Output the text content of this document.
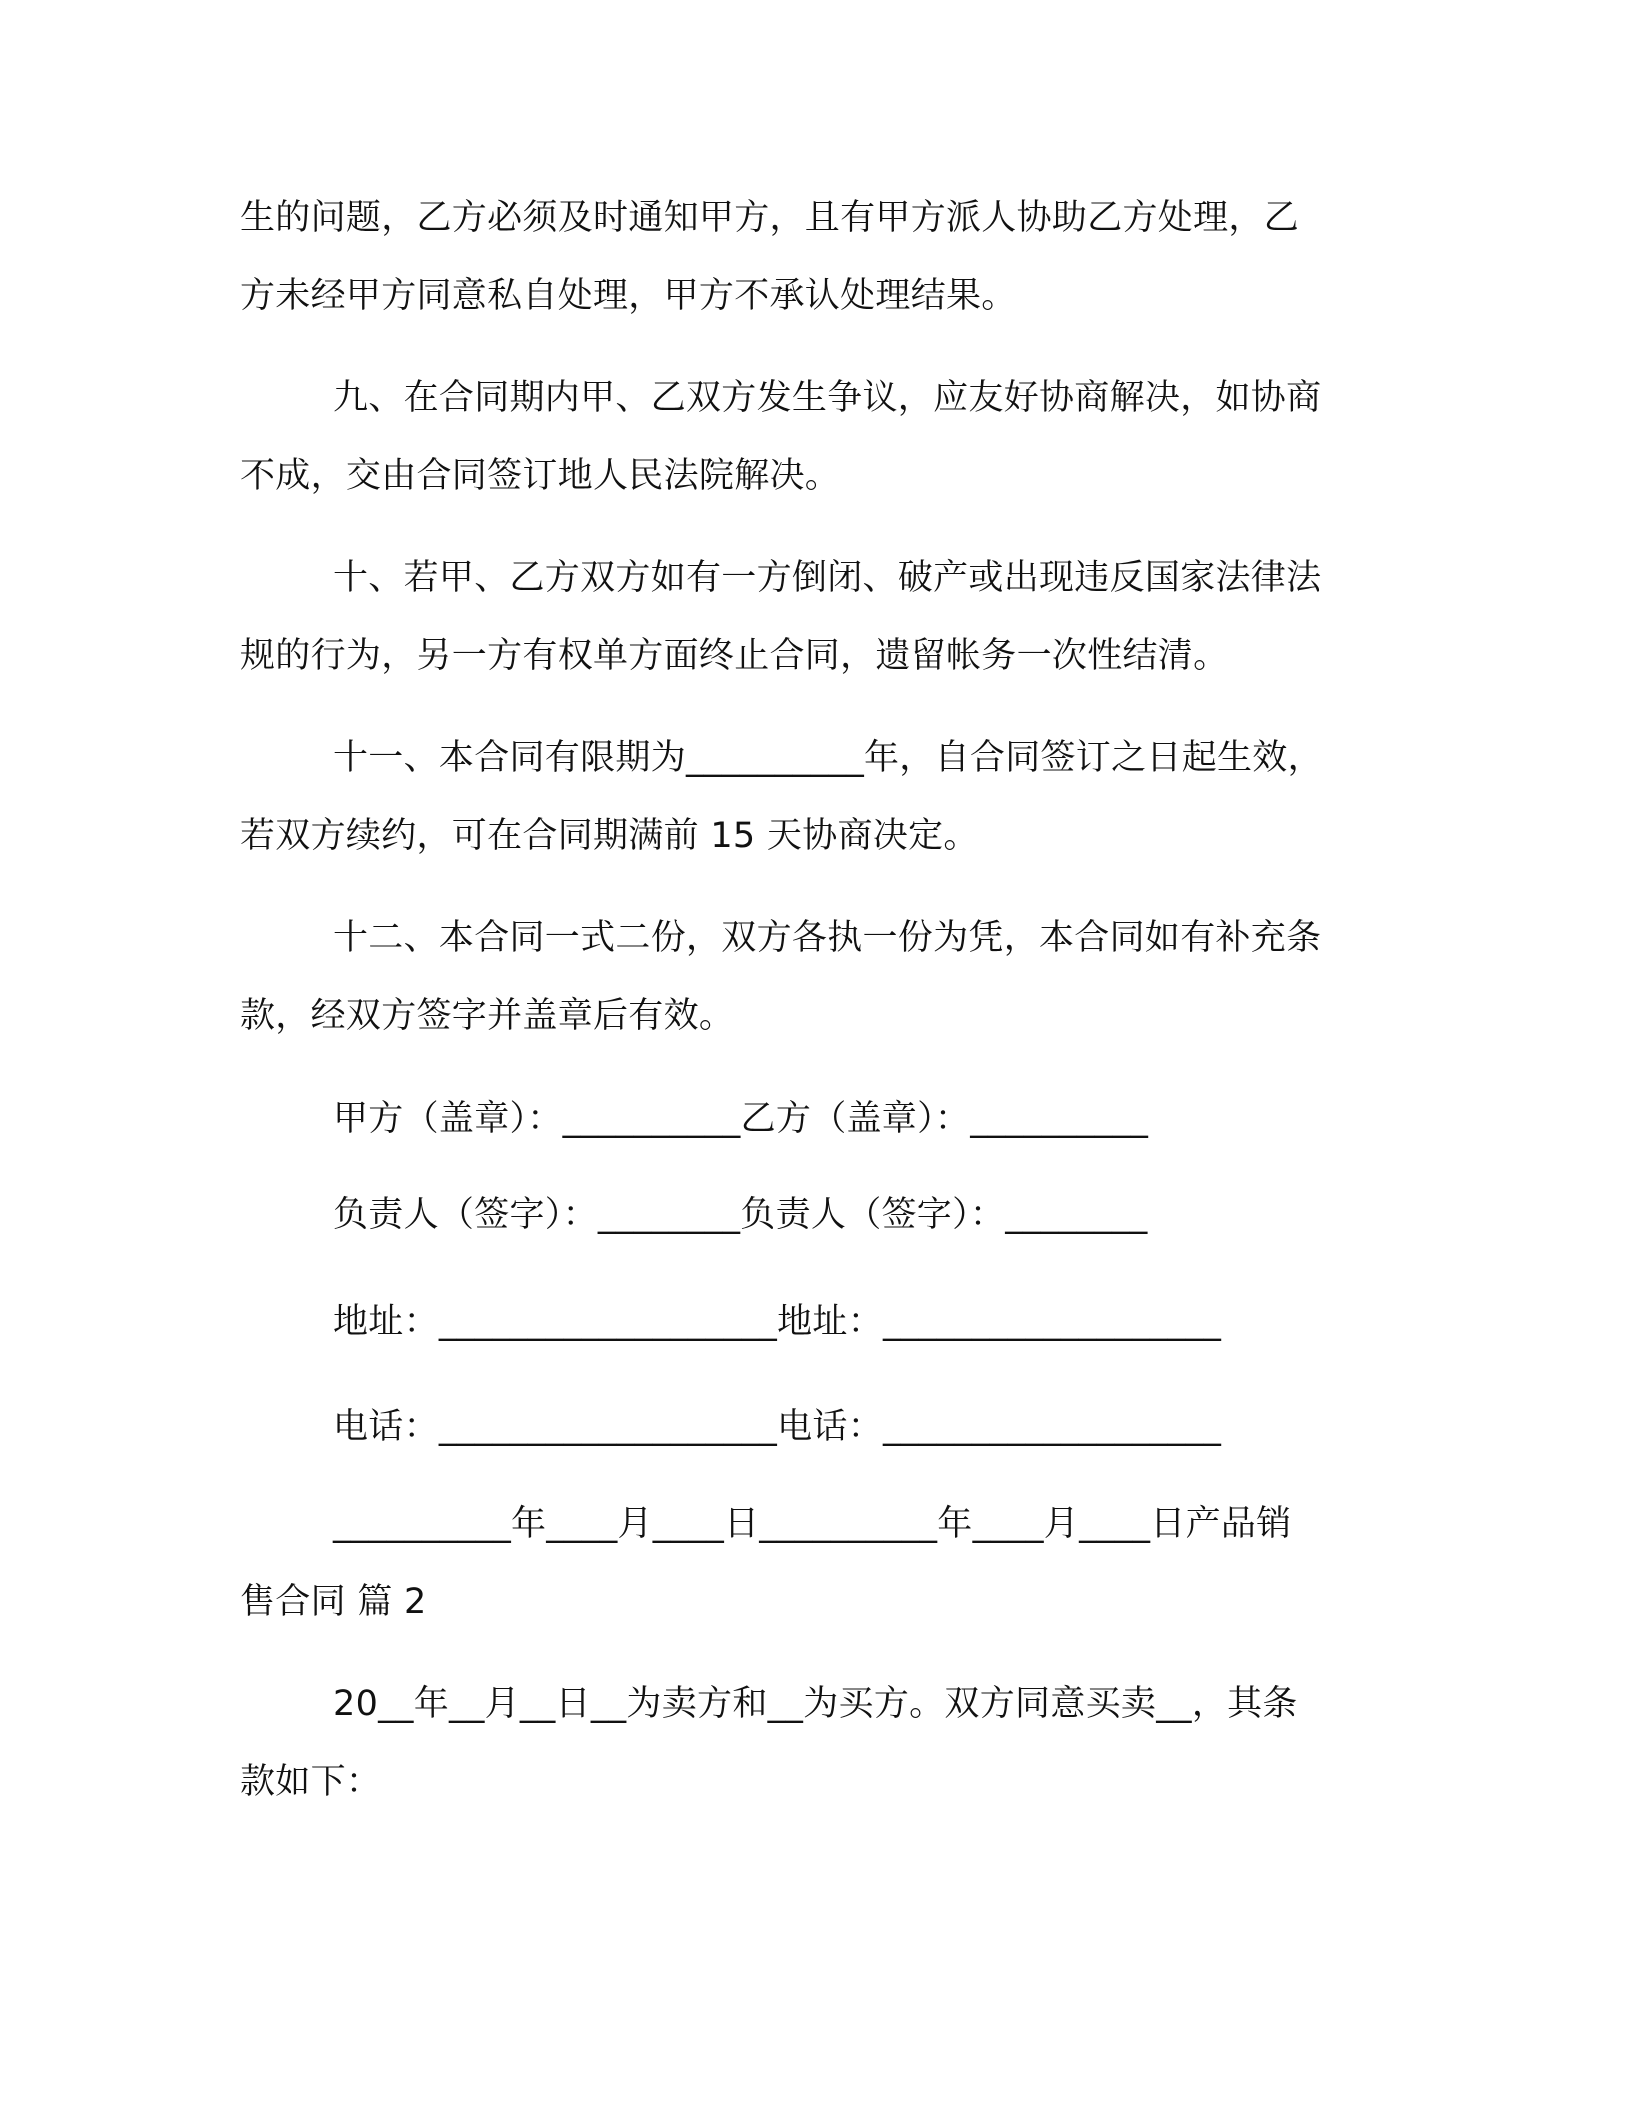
生的问题，乙方必须及时通知甲方，且有甲方派人协助乙方处理，乙
方未经甲方同意私自处理，甲方不承认处理结果。
九、在合同期内甲、乙双方发生争议，应友好协商解决，如协商
不成，交由合同签订地人民法院解决。
十、若甲、乙方双方如有一方倒闭、破产或出现违反国家法律法
规的行为，另一方有权单方面终止合同，遗留帐务一次性结清。
十一、本合同有限期为__________年，自合同签订之日起生效，
若双方续约，可在合同期满前 15 天协商决定。
十二、本合同一式二份，双方各执一份为凭，本合同如有补充条
款，经双方签字并盖章后有效。
甲方（盖章）：__________乙方（盖章）：__________
负责人（签字）：________负责人（签字）：________
地址：___________________地址：___________________
电话：___________________电话：___________________
__________年____月____日__________年____月____日产品销
售合同 篇 2
20__年__月__日__为卖方和__为买方。双方同意买卖__，其条
款如下：
